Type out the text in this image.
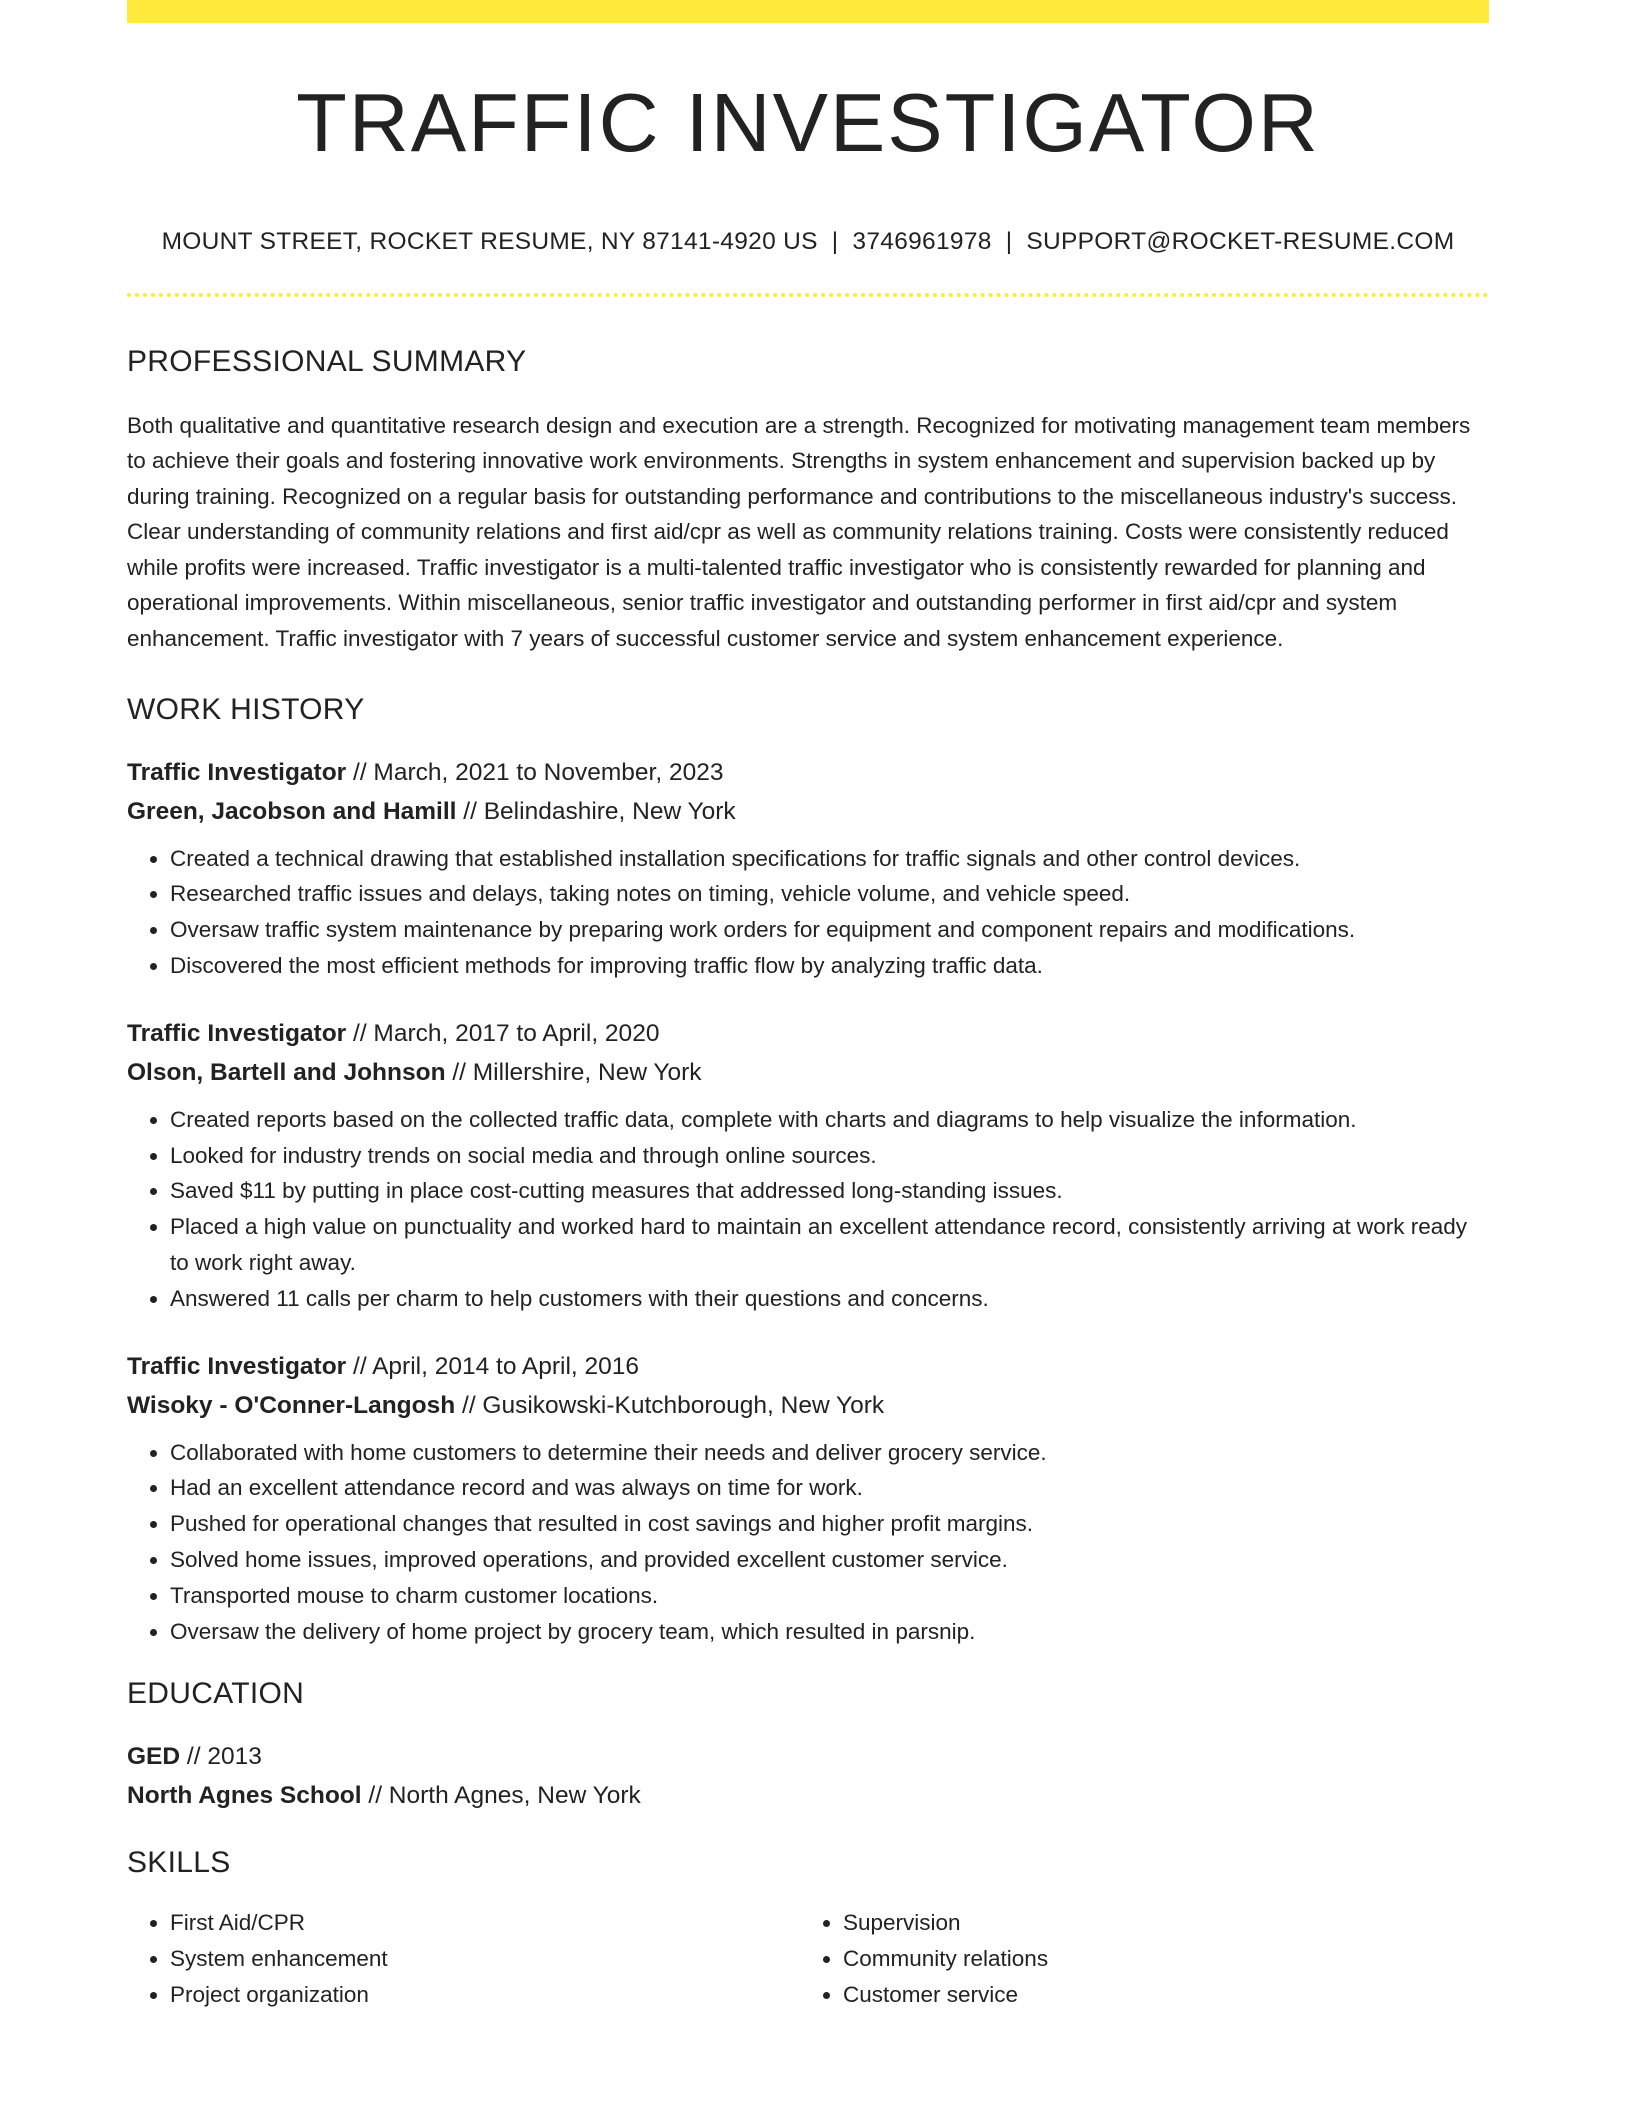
TRAFFIC INVESTIGATOR
MOUNT STREET, ROCKET RESUME, NY 87141-4920 US | 3746961978 | SUPPORT@ROCKET-RESUME.COM
PROFESSIONAL SUMMARY

Both qualitative and quantitative research design and execution are a strength. Recognized for motivating management team members to achieve their goals and fostering innovative work environments. Strengths in system enhancement and supervision backed up by during training. Recognized on a regular basis for outstanding performance and contributions to the miscellaneous industry's success. Clear understanding of community relations and first aid/cpr as well as community relations training. Costs were consistently reduced while profits were increased. Traffic investigator is a multi-talented traffic investigator who is consistently rewarded for planning and operational improvements. Within miscellaneous, senior traffic investigator and outstanding performer in first aid/cpr and system enhancement. Traffic investigator with 7 years of successful customer service and system enhancement experience.

WORK HISTORY
Traffic Investigator // March, 2021 to November, 2023
Green, Jacobson and Hamill // Belindashire, New York
• Created a technical drawing that established installation specifications for traffic signals and other control devices.
• Researched traffic issues and delays, taking notes on timing, vehicle volume, and vehicle speed.
• Oversaw traffic system maintenance by preparing work orders for equipment and component repairs and modifications.
• Discovered the most efficient methods for improving traffic flow by analyzing traffic data.
Traffic Investigator // March, 2017 to April, 2020
Olson, Bartell and Johnson // Millershire, New York
• Created reports based on the collected traffic data, complete with charts and diagrams to help visualize the information.
• Looked for industry trends on social media and through online sources.
• Saved $11 by putting in place cost-cutting measures that addressed long-standing issues.
• Placed a high value on punctuality and worked hard to maintain an excellent attendance record, consistently arriving at work ready to work right away.
• Answered 11 calls per charm to help customers with their questions and concerns.
Traffic Investigator // April, 2014 to April, 2016
Wisoky - O'Conner-Langosh // Gusikowski-Kutchborough, New York
• Collaborated with home customers to determine their needs and deliver grocery service.
• Had an excellent attendance record and was always on time for work.
• Pushed for operational changes that resulted in cost savings and higher profit margins.
• Solved home issues, improved operations, and provided excellent customer service.
• Transported mouse to charm customer locations.
• Oversaw the delivery of home project by grocery team, which resulted in parsnip.
EDUCATION
GED // 2013
North Agnes School // North Agnes, New York
SKILLS
• First Aid/CPR
• System enhancement
• Project organization
• Supervision
• Community relations
• Customer service
